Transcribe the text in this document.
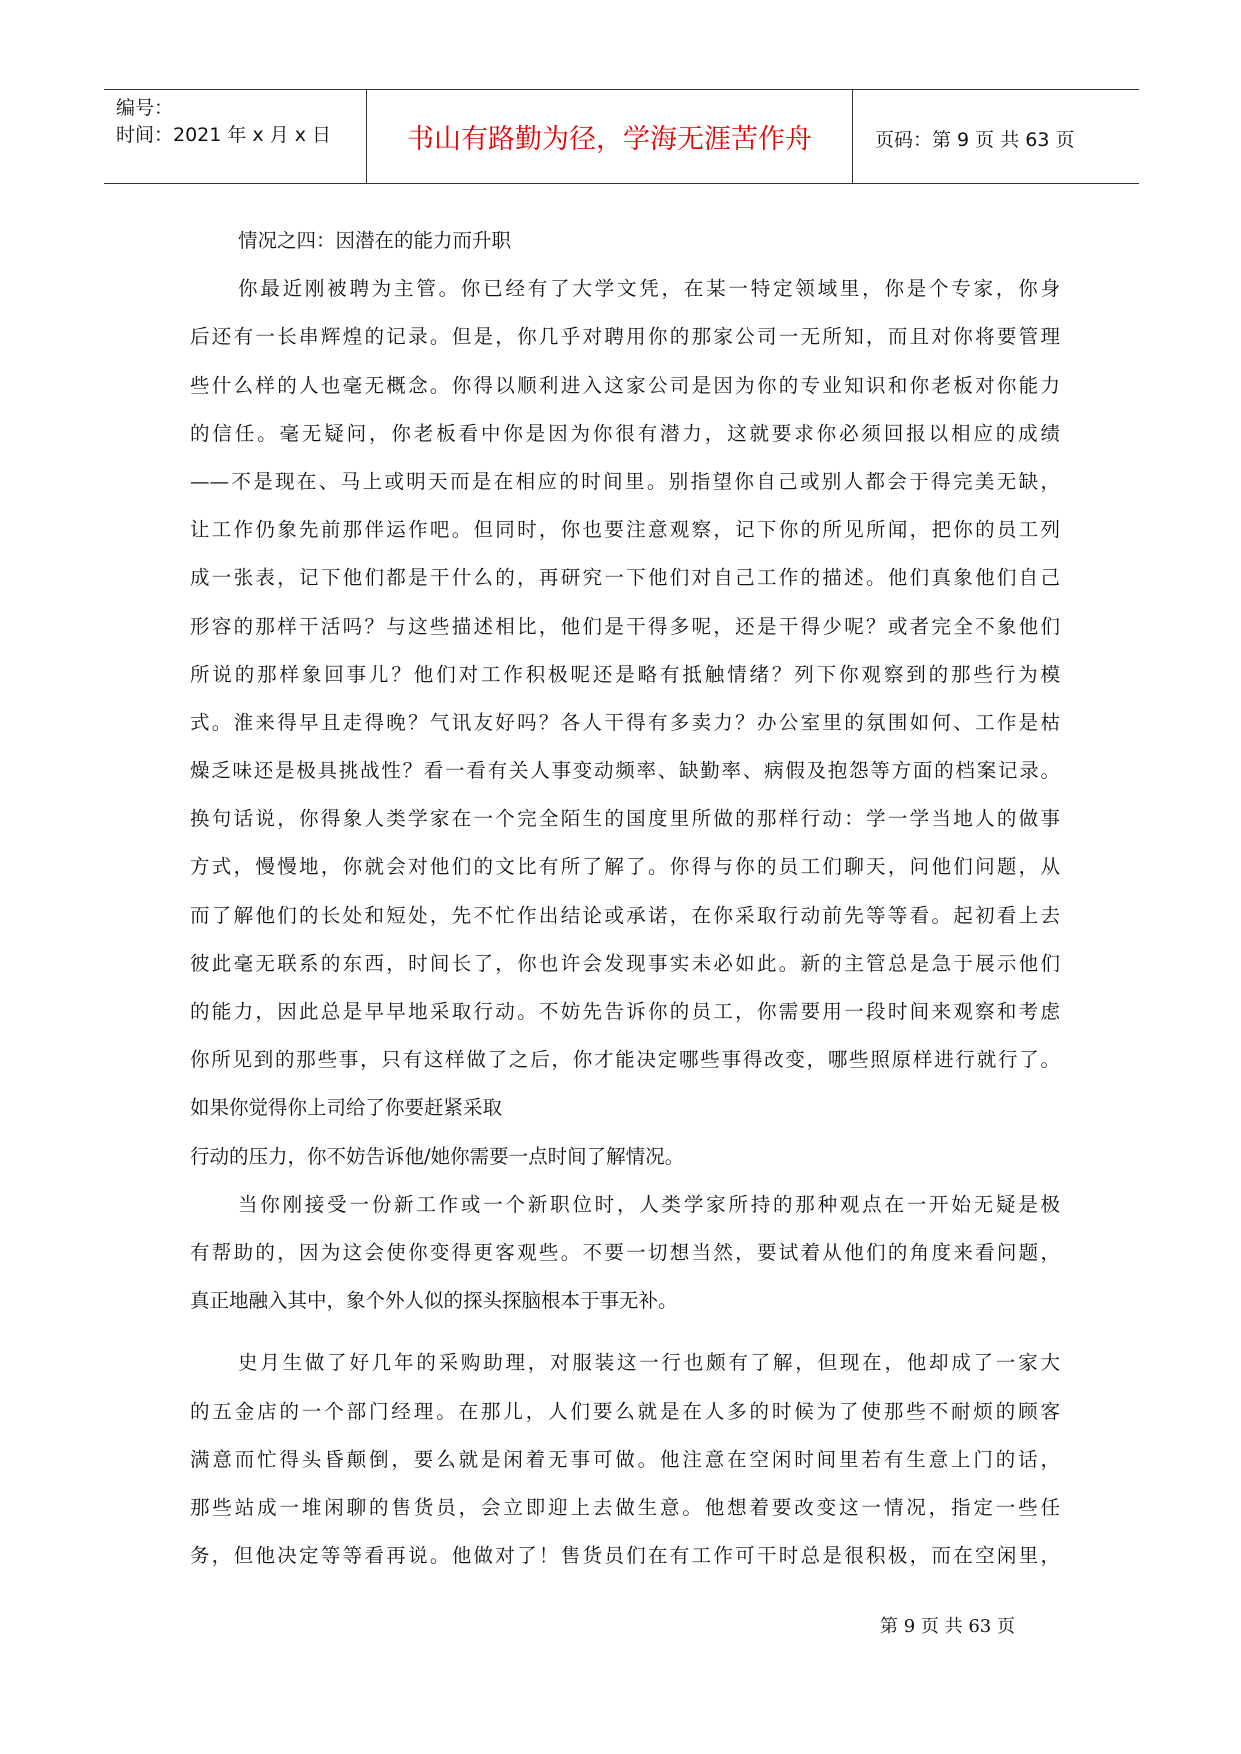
编号：
时间：2021 年 x 月 x 日	书山有路勤为径，学海无涯苦作舟	页码：第 9 页 共 63 页
情况之四：因潜在的能力而升职
你最近刚被聘为主管。你已经有了大学文凭，在某一特定领域里，你是个专家，你身
后还有一长串辉煌的记录。但是，你几乎对聘用你的那家公司一无所知，而且对你将要管理
些什么样的人也毫无概念。你得以顺利进入这家公司是因为你的专业知识和你老板对你能力
的信任。毫无疑问，你老板看中你是因为你很有潜力，这就要求你必须回报以相应的成绩
——不是现在、马上或明天而是在相应的时间里。别指望你自己或别人都会于得完美无缺，
让工作仍象先前那伴运作吧。但同时，你也要注意观察，记下你的所见所闻，把你的员工列
成一张表，记下他们都是干什么的，再研究一下他们对自己工作的描述。他们真象他们自己
形容的那样干活吗？与这些描述相比，他们是干得多呢，还是干得少呢？或者完全不象他们
所说的那样象回事儿？他们对工作积极呢还是略有抵触情绪？列下你观察到的那些行为模
式。淮来得早且走得晚？气讯友好吗？各人干得有多卖力？办公室里的氛围如何、工作是枯
燥乏味还是极具挑战性？看一看有关人事变动频率、缺勤率、病假及抱怨等方面的档案记录。
换句话说，你得象人类学家在一个完全陌生的国度里所做的那样行动：学一学当地人的做事
方式，慢慢地，你就会对他们的文比有所了解了。你得与你的员工们聊天，问他们问题，从
而了解他们的长处和短处，先不忙作出结论或承诺，在你采取行动前先等等看。起初看上去
彼此毫无联系的东西，时间长了，你也许会发现事实未必如此。新的主管总是急于展示他们
的能力，因此总是早早地采取行动。不妨先告诉你的员工，你需要用一段时间来观察和考虑
你所见到的那些事，只有这样做了之后，你才能决定哪些事得改变，哪些照原样进行就行了。
如果你觉得你上司给了你要赶紧采取
行动的压力，你不妨告诉他/她你需要一点时间了解情况。
当你刚接受一份新工作或一个新职位时，人类学家所持的那种观点在一开始无疑是极
有帮助的，因为这会使你变得更客观些。不要一切想当然，要试着从他们的角度来看问题，
真正地融入其中，象个外人似的探头探脑根本于事无补。
史月生做了好几年的采购助理，对服装这一行也颇有了解，但现在，他却成了一家大
的五金店的一个部门经理。在那儿，人们要么就是在人多的时候为了使那些不耐烦的顾客
满意而忙得头昏颠倒，要么就是闲着无事可做。他注意在空闲时间里若有生意上门的话，
那些站成一堆闲聊的售货员，会立即迎上去做生意。他想着要改变这一情况，指定一些任
务，但他决定等等看再说。他做对了！售货员们在有工作可干时总是很积极，而在空闲里，
第 9 页 共 63 页
